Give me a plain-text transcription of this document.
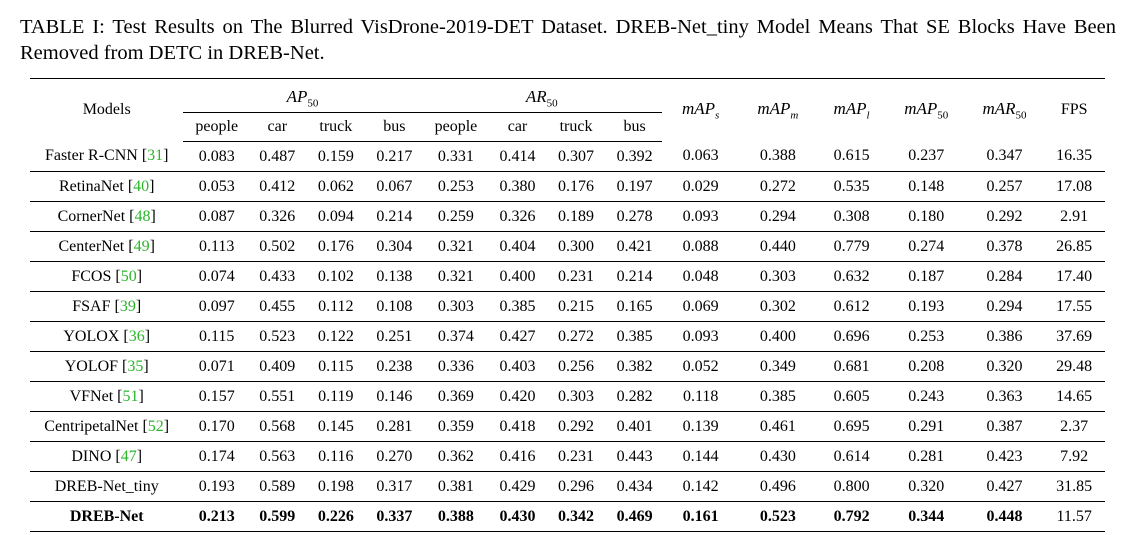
TABLE I: Test Results on The Blurred VisDrone-2019-DET Dataset. DREB-Net_tiny Model Means That SE Blocks Have Been Removed from DETC in DREB-Net.
Models	$AP_{50}$				$AR_{50}$				mAP$_s$	mAP$_m$	mAP$_l$	mAP$_{50}$	mAR$_{50}$	FPS
	people	car	truck	bus	people	car	truck	bus						
Faster R-CNN [31]	0.083	0.487	0.159	0.217	0.331	0.414	0.307	0.392	0.063	0.388	0.615	0.237	0.347	16.35
RetinaNet [40]	0.053	0.412	0.062	0.067	0.253	0.380	0.176	0.197	0.029	0.272	0.535	0.148	0.257	17.08
CornerNet [48]	0.087	0.326	0.094	0.214	0.259	0.326	0.189	0.278	0.093	0.294	0.308	0.180	0.292	2.91
CenterNet [49]	0.113	0.502	0.176	0.304	0.321	0.404	0.300	0.421	0.088	0.440	0.779	0.274	0.378	26.85
FCOS [50]	0.074	0.433	0.102	0.138	0.321	0.400	0.231	0.214	0.048	0.303	0.632	0.187	0.284	17.40
FSAF [39]	0.097	0.455	0.112	0.108	0.303	0.385	0.215	0.165	0.069	0.302	0.612	0.193	0.294	17.55
YOLOX [36]	0.115	0.523	0.122	0.251	0.374	0.427	0.272	0.385	0.093	0.400	0.696	0.253	0.386	37.69
YOLOF [35]	0.071	0.409	0.115	0.238	0.336	0.403	0.256	0.382	0.052	0.349	0.681	0.208	0.320	29.48
VFNet [51]	0.157	0.551	0.119	0.146	0.369	0.420	0.303	0.282	0.118	0.385	0.605	0.243	0.363	14.65
CentripetalNet [52]	0.170	0.568	0.145	0.281	0.359	0.418	0.292	0.401	0.139	0.461	0.695	0.291	0.387	2.37
DINO [47]	0.174	0.563	0.116	0.270	0.362	0.416	0.231	0.443	0.144	0.430	0.614	0.281	0.423	7.92
DREB-Net_tiny	0.193	0.589	0.198	0.317	0.381	0.429	0.296	0.434	0.142	0.496	0.800	0.320	0.427	31.85
DREB-Net	0.213	0.599	0.226	0.337	0.388	0.430	0.342	0.469	0.161	0.523	0.792	0.344	0.448	11.57
